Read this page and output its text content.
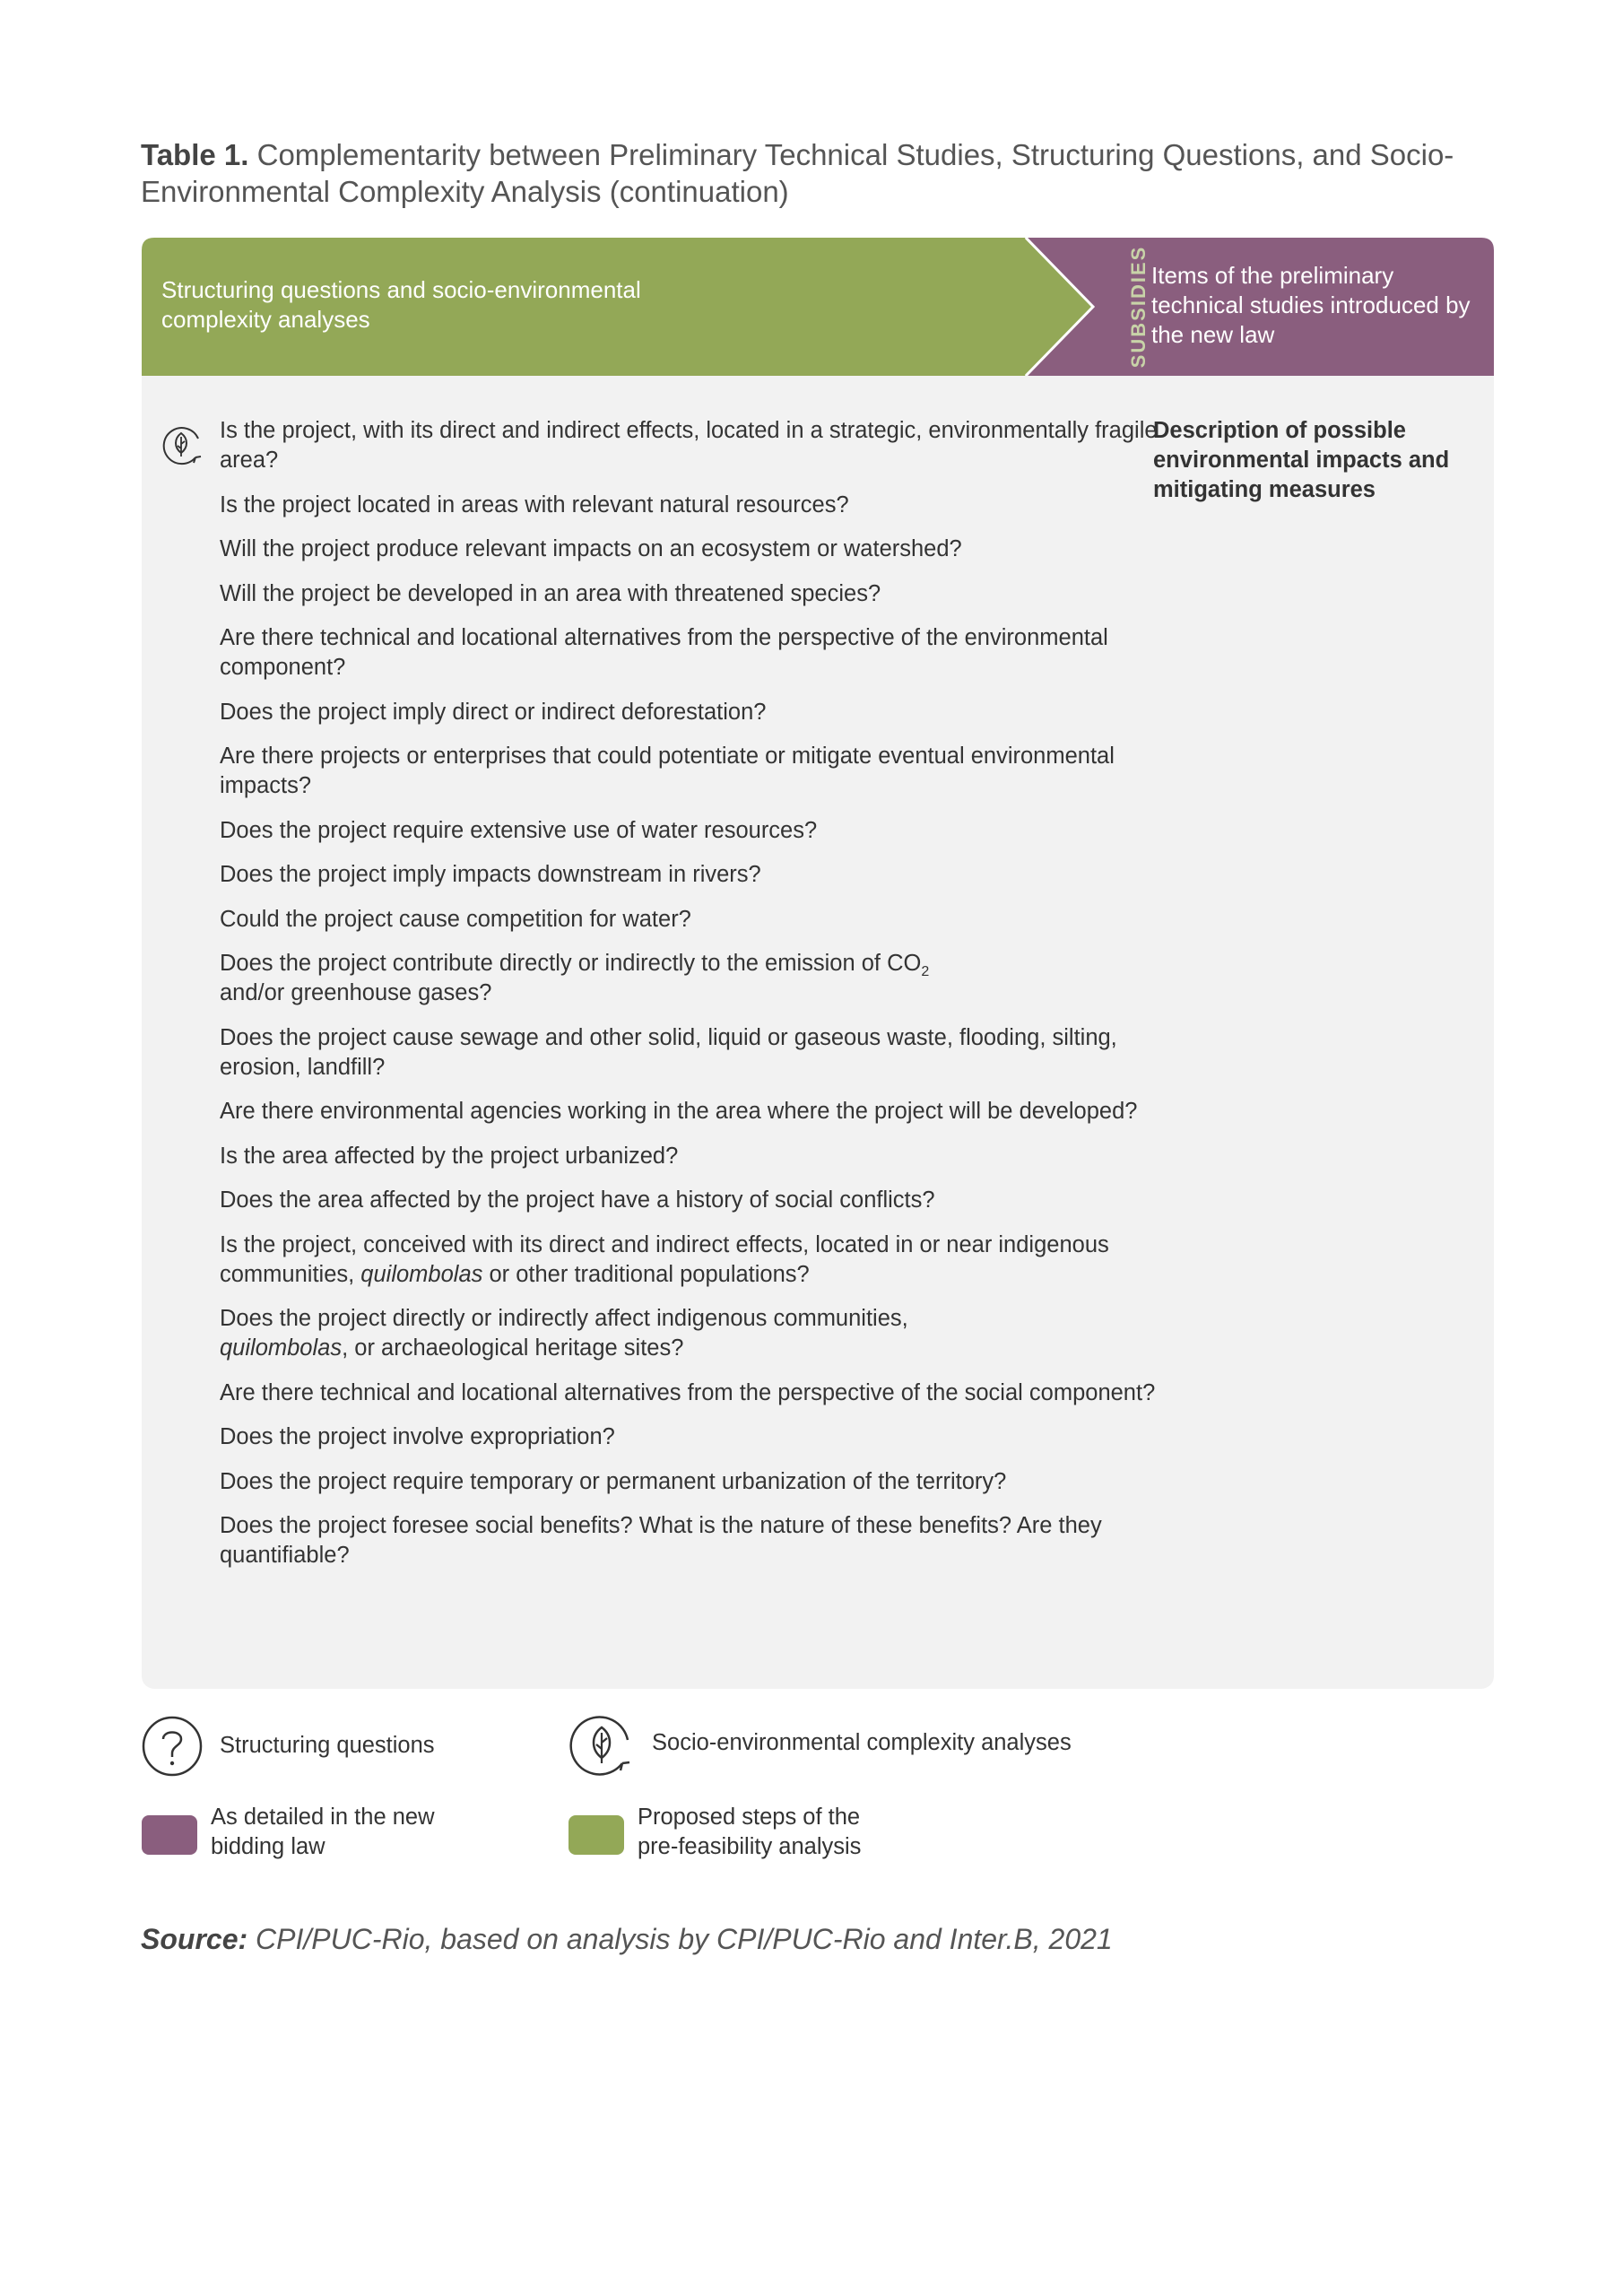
Table 1. Complementarity between Preliminary Technical Studies, Structuring Questions, and Socio-Environmental Complexity Analysis (continuation)
Structuring questions and socio-environmental complexity analyses	SUBSIDIES Items of the preliminary technical studies introduced by the new law
Is the project, with its direct and indirect effects, located in a strategic, environmentally fragile area?
Is the project located in areas with relevant natural resources?
Will the project produce relevant impacts on an ecosystem or watershed?
Will the project be developed in an area with threatened species?
Are there technical and locational alternatives from the perspective of the environmental component?
Does the project imply direct or indirect deforestation?
Are there projects or enterprises that could potentiate or mitigate eventual environmental impacts?
Does the project require extensive use of water resources?
Does the project imply impacts downstream in rivers?
Could the project cause competition for water?
Does the project contribute directly or indirectly to the emission of $CO_2$
and/or greenhouse gases?
Does the project cause sewage and other solid, liquid or gaseous waste, flooding, silting, erosion, landfill?
Are there environmental agencies working in the area where the project will be developed?
Is the area affected by the project urbanized?
Does the area affected by the project have a history of social conflicts?
Is the project, conceived with its direct and indirect effects, located in or near indigenous communities, quilombolas or other traditional populations?
Does the project directly or indirectly affect indigenous communities,
quilombolas, or archaeological heritage sites?
Are there technical and locational alternatives from the perspective of the social component?
Does the project involve expropriation?
Does the project require temporary or permanent urbanization of the territory?
Does the project foresee social benefits? What is the nature of these benefits? Are they quantifiable?
Description of possible environmental impacts and mitigating measures
Structuring questions	Socio-environmental complexity analyses
As detailed in the new bidding law
Proposed steps of the pre-feasibility analysis
Source: CPI/PUC-Rio, based on analysis by CPI/PUC-Rio and Inter.B, 2021
